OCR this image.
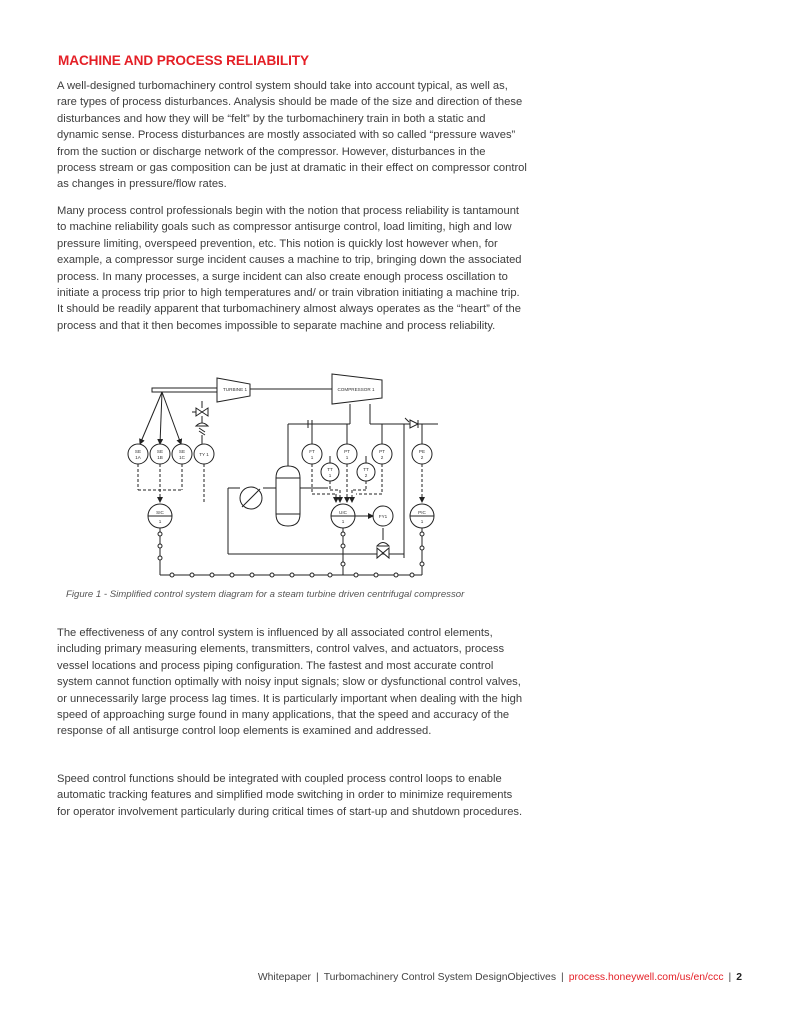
MACHINE AND PROCESS RELIABILITY

A well-designed turbomachinery control system should take into account typical, as well as, rare types of process disturbances. Analysis should be made of the size and direction of these disturbances and how they will be “felt” by the turbomachinery train in both a static and dynamic sense. Process disturbances are mostly associated with so called “pressure waves” from the suction or discharge network of the compressor. However, disturbances in the process stream or gas composition can be just at dramatic in their effect on compressor control as changes in pressure/flow rates.

Many process control professionals begin with the notion that process reliability is tantamount to machine reliability goals such as compressor antisurge control, load limiting, high and low pressure limiting, overspeed prevention, etc. This notion is quickly lost however when, for example, a compressor surge incident causes a machine to trip, bringing down the associated process. In many processes, a surge incident can also create enough process oscillation to initiate a process trip prior to high temperatures and/ or train vibration initiating a machine trip. It should be readily apparent that turbomachinery almost always operates as the “heart” of the process and that it then becomes impossible to separate machine and process reliability.

TURBINE 1	COMPRESSOR 1
SE
1A
SE
1B
SE
1C
TY 1
FT
1
PT
1
PT
2
PE
2
TT
1
TT
2
SIC
1
UIC
1
FY1
PIC
1

Figure 1 - Simplified control system diagram for a steam turbine driven centrifugal compressor

The effectiveness of any control system is influenced by all associated control elements, including primary measuring elements, transmitters, control valves, and actuators, process vessel locations and process piping configuration. The fastest and most accurate control system cannot function optimally with noisy input signals; slow or dysfunctional control valves, or unnecessarily large process lag times. It is particularly important when dealing with the high speed of approaching surge found in many applications, that the speed and accuracy of the response of all antisurge control loop elements is examined and addressed.

Speed control functions should be integrated with coupled process control loops to enable automatic tracking features and simplified mode switching in order to minimize requirements for operator involvement particularly during critical times of start-up and shutdown procedures.

Whitepaper | Turbomachinery Control System DesignObjectives | process.honeywell.com/us/en/ccc | 2
